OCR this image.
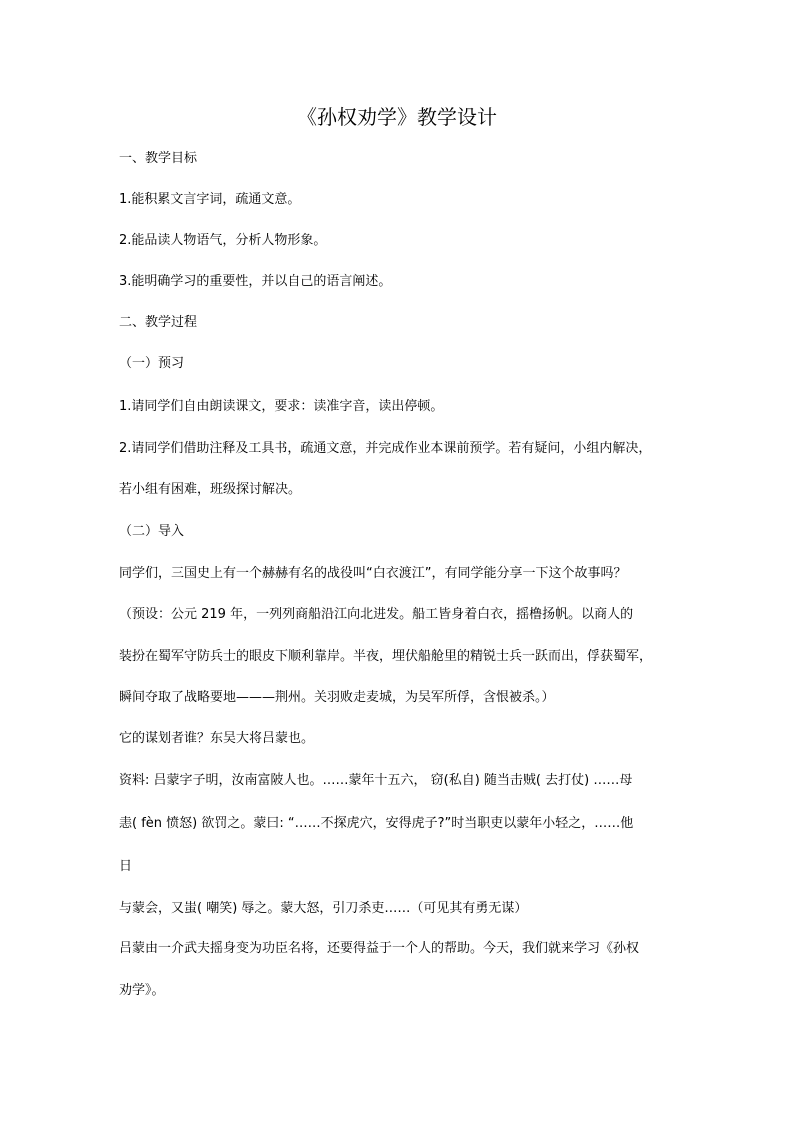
《孙权劝学》教学设计
一、教学目标
1.能积累文言字词，疏通文意。
2.能品读人物语气，分析人物形象。
3.能明确学习的重要性，并以自己的语言阐述。
二、教学过程
（一）预习
1.请同学们自由朗读课文，要求：读准字音，读出停顿。
2.请同学们借助注释及工具书，疏通文意，并完成作业本课前预学。若有疑问，小组内解决，
若小组有困难，班级探讨解决。
（二）导入
同学们，三国史上有一个赫赫有名的战役叫“白衣渡江”，有同学能分享一下这个故事吗？
（预设：公元 219 年，一列列商船沿江向北进发。船工皆身着白衣，摇橹扬帆。以商人的
装扮在蜀军守防兵士的眼皮下顺利靠岸。半夜，埋伏船舱里的精锐士兵一跃而出，俘获蜀军，
瞬间夺取了战略要地———荆州。关羽败走麦城，为吴军所俘，含恨被杀。）
它的谋划者谁？东吴大将吕蒙也。
资料: 吕蒙字子明，汝南富陂人也。……蒙年十五六， 窃(私自) 随当击贼( 去打仗) ……母
恚( fèn 愤怒) 欲罚之。蒙曰: “……不探虎穴，安得虎子?”时当职吏以蒙年小轻之，……他
日
与蒙会，又蚩( 嘲笑) 辱之。蒙大怒，引刀杀吏……（可见其有勇无谋）
吕蒙由一介武夫摇身变为功臣名将，还要得益于一个人的帮助。今天，我们就来学习《孙权
劝学》。
